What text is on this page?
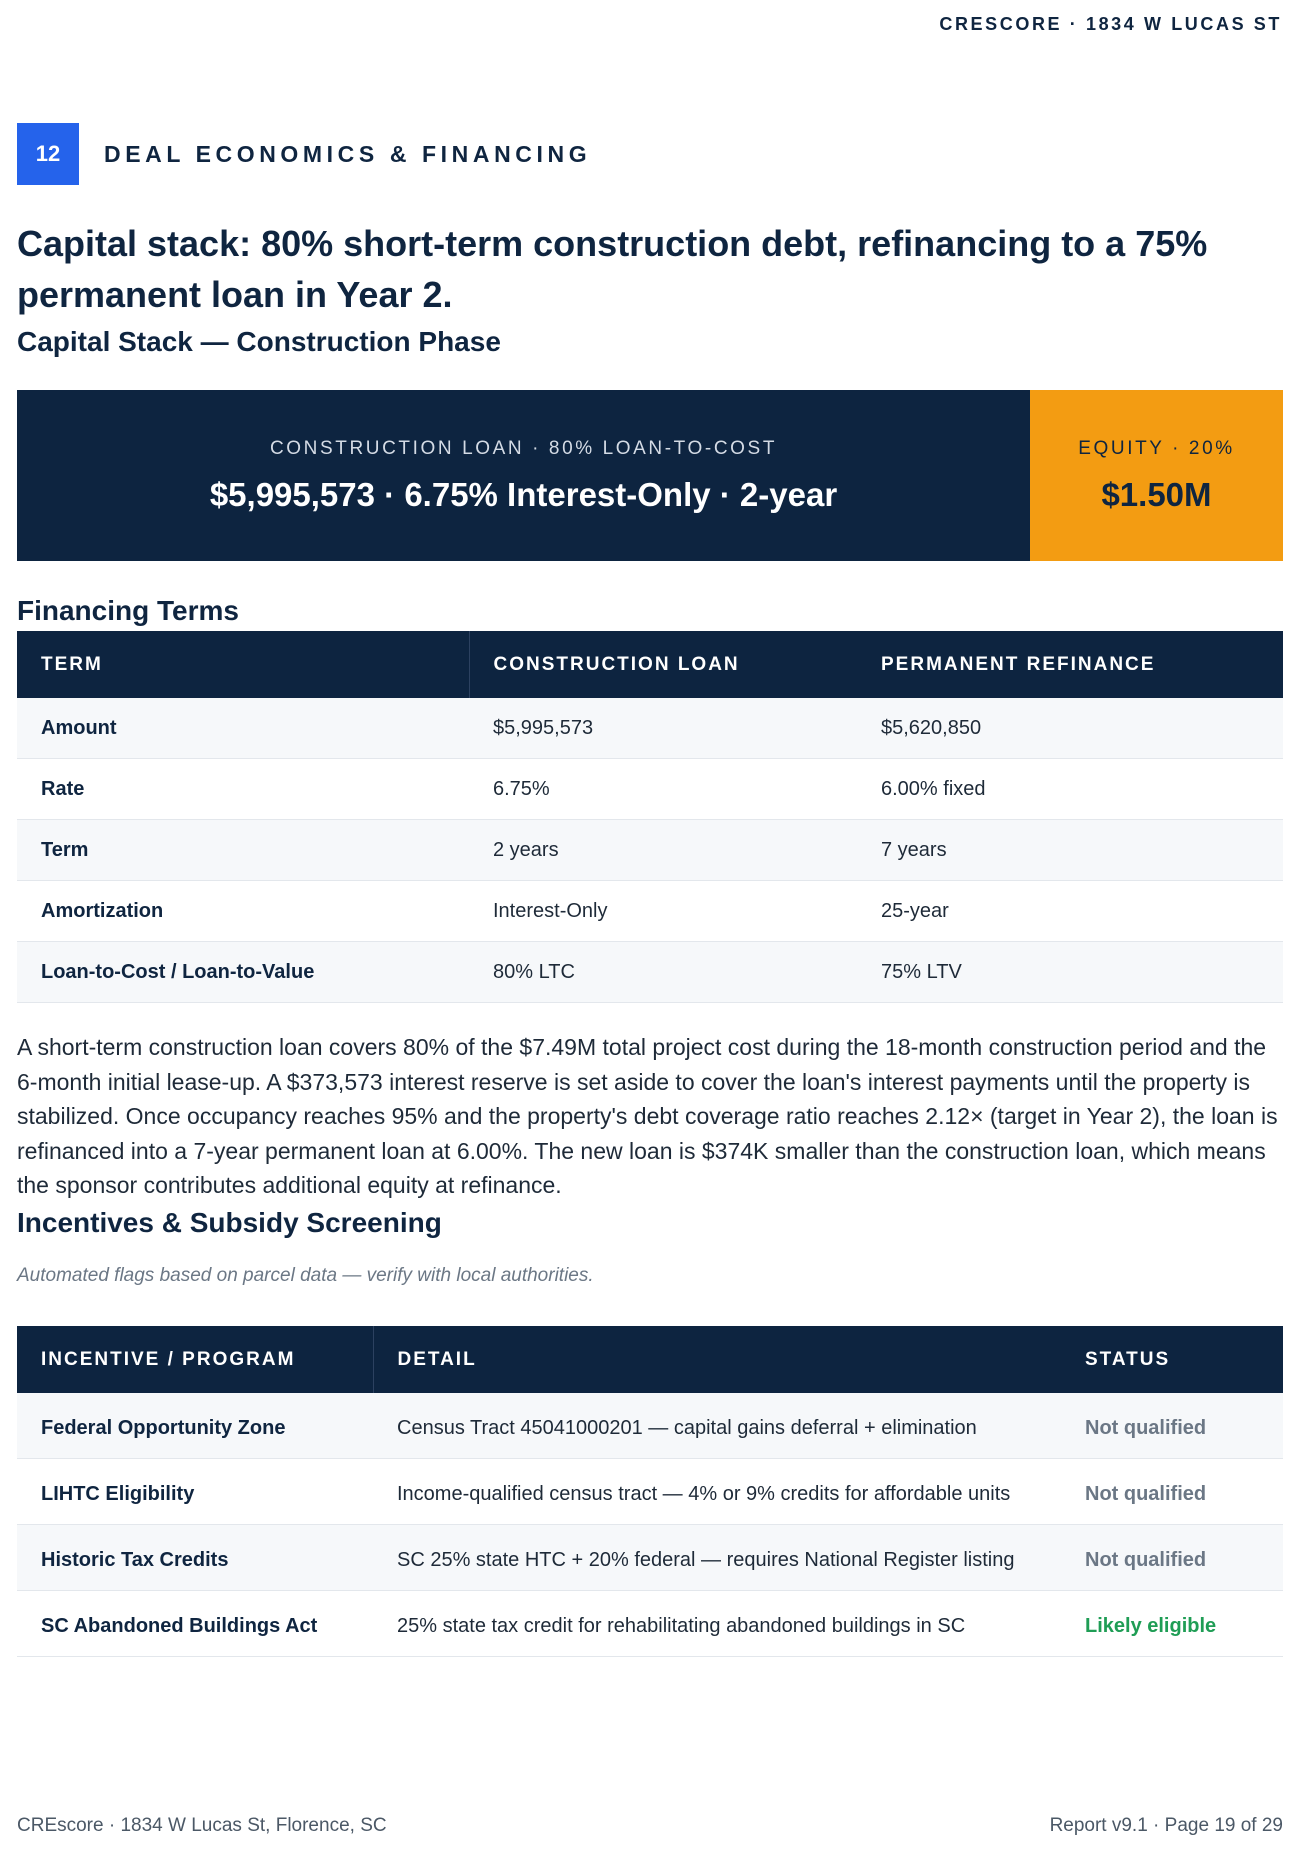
CRESCORE · 1834 W LUCAS ST
12	DEAL ECONOMICS & FINANCING
Capital stack: 80% short-term construction debt, refinancing to a 75% permanent loan in Year 2.
Capital Stack — Construction Phase
CONSTRUCTION LOAN · 80% LOAN-TO-COST
$5,995,573 · 6.75% Interest-Only · 2-year
EQUITY · 20%
$1.50M
Financing Terms
TERM	CONSTRUCTION LOAN	PERMANENT REFINANCE
Amount	$5,995,573	$5,620,850
Rate	6.75%	6.00% fixed
Term	2 years	7 years
Amortization	Interest-Only	25-year
Loan-to-Cost / Loan-to-Value	80% LTC	75% LTV

A short-term construction loan covers 80% of the $7.49M total project cost during the 18-month construction period and the 6-month initial lease-up. A $373,573 interest reserve is set aside to cover the loan's interest payments until the property is stabilized. Once occupancy reaches 95% and the property's debt coverage ratio reaches 2.12× (target in Year 2), the loan is refinanced into a 7-year permanent loan at 6.00%. The new loan is $374K smaller than the construction loan, which means the sponsor contributes additional equity at refinance.

Incentives & Subsidy Screening

Automated flags based on parcel data — verify with local authorities.

INCENTIVE / PROGRAM	DETAIL	STATUS
Federal Opportunity Zone	Census Tract 45041000201 — capital gains deferral + elimination	Not qualified
LIHTC Eligibility	Income-qualified census tract — 4% or 9% credits for affordable units	Not qualified
Historic Tax Credits	SC 25% state HTC + 20% federal — requires National Register listing	Not qualified
SC Abandoned Buildings Act	25% state tax credit for rehabilitating abandoned buildings in SC	Likely eligible
CREscore · 1834 W Lucas St, Florence, SC	Report v9.1 · Page 19 of 29
